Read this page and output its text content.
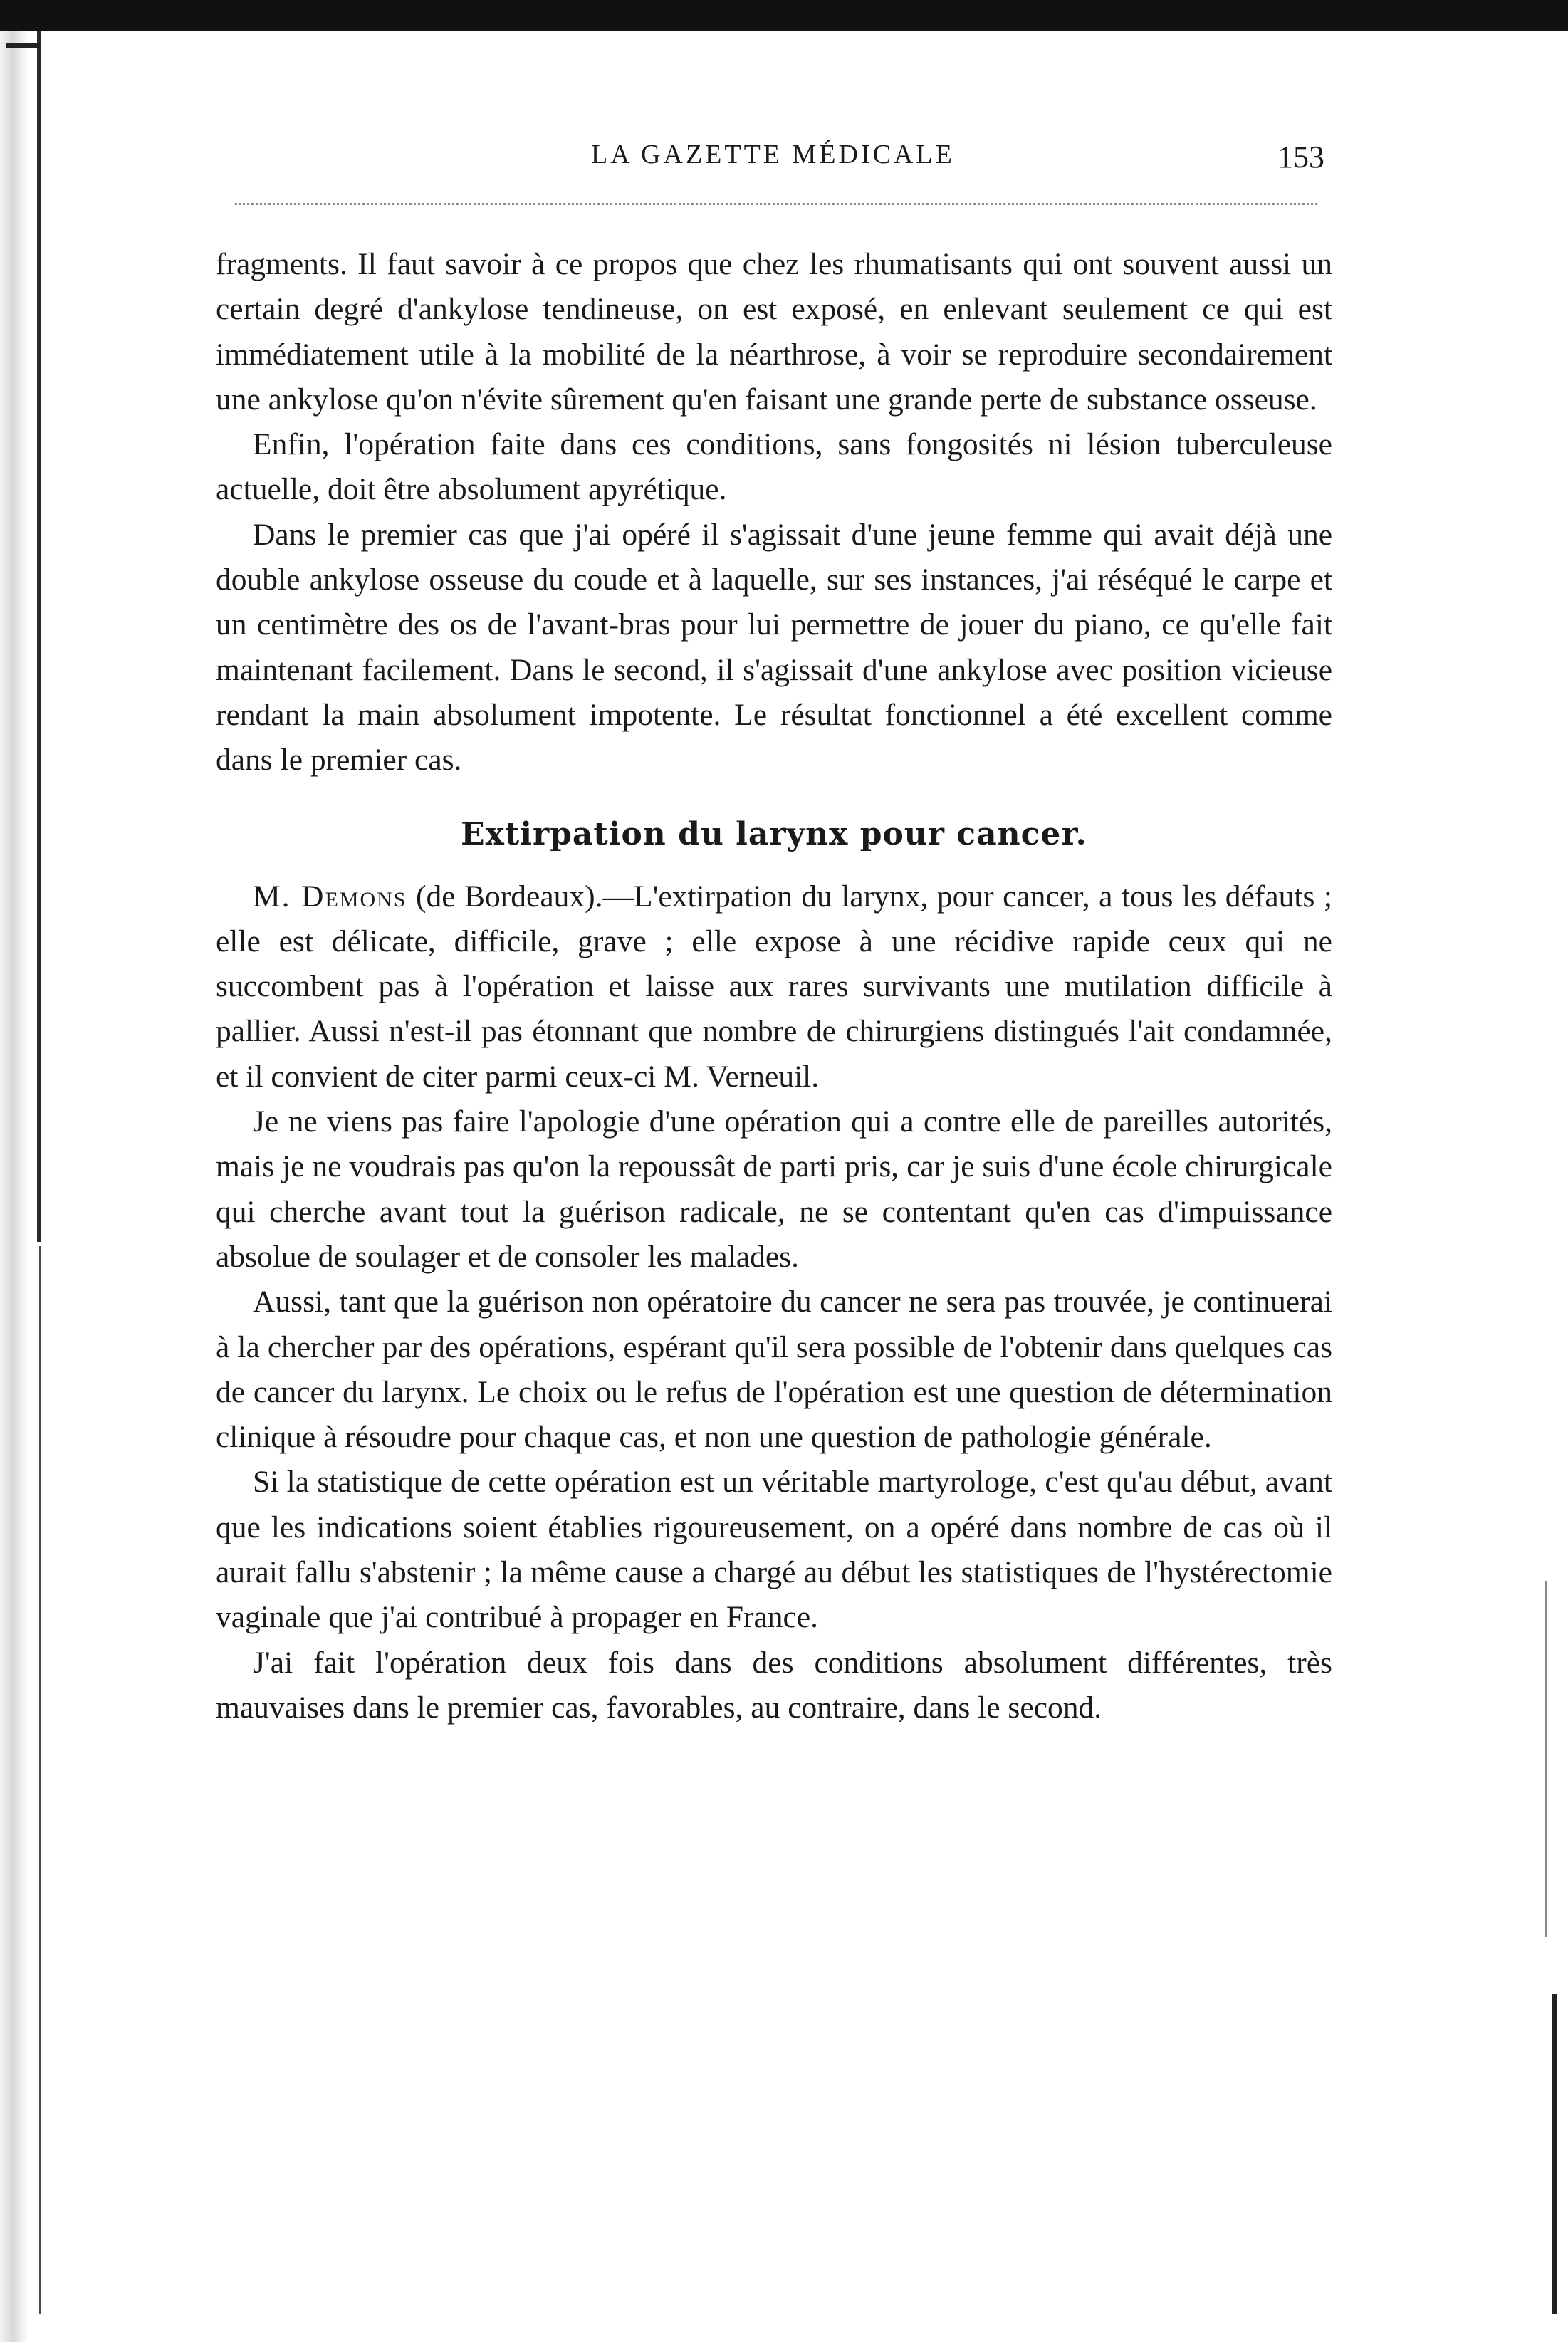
LA GAZETTE MÉDICALE	153

fragments. Il faut savoir à ce propos que chez les rhumatisants qui ont souvent aussi un certain degré d'ankylose tendineuse, on est exposé, en enlevant seulement ce qui est immédiatement utile à la mobilité de la néarthrose, à voir se reproduire secondairement une ankylose qu'on n'évite sûrement qu'en faisant une grande perte de substance osseuse.

Enfin, l'opération faite dans ces conditions, sans fongosités ni lésion tuberculeuse actuelle, doit être absolument apyrétique.

Dans le premier cas que j'ai opéré il s'agissait d'une jeune femme qui avait déjà une double ankylose osseuse du coude et à laquelle, sur ses instances, j'ai réséqué le carpe et un centimètre des os de l'avant-bras pour lui permettre de jouer du piano, ce qu'elle fait maintenant facilement. Dans le second, il s'agissait d'une ankylose avec position vicieuse rendant la main absolument impotente. Le résultat fonctionnel a été excellent comme dans le premier cas.

Extirpation du larynx pour cancer.

M. Demons (de Bordeaux).—L'extirpation du larynx, pour cancer, a tous les défauts ; elle est délicate, difficile, grave ; elle expose à une récidive rapide ceux qui ne succombent pas à l'opération et laisse aux rares survivants une mutilation difficile à pallier. Aussi n'est-il pas étonnant que nombre de chirurgiens distingués l'ait condamnée, et il convient de citer parmi ceux-ci M. Verneuil.

Je ne viens pas faire l'apologie d'une opération qui a contre elle de pareilles autorités, mais je ne voudrais pas qu'on la repoussât de parti pris, car je suis d'une école chirurgicale qui cherche avant tout la guérison radicale, ne se contentant qu'en cas d'impuissance absolue de soulager et de consoler les malades.

Aussi, tant que la guérison non opératoire du cancer ne sera pas trouvée, je continuerai à la chercher par des opérations, espérant qu'il sera possible de l'obtenir dans quelques cas de cancer du larynx. Le choix ou le refus de l'opération est une question de détermination clinique à résoudre pour chaque cas, et non une question de pathologie générale.

Si la statistique de cette opération est un véritable martyrologe, c'est qu'au début, avant que les indications soient établies rigoureusement, on a opéré dans nombre de cas où il aurait fallu s'abstenir ; la même cause a chargé au début les statistiques de l'hystérectomie vaginale que j'ai contribué à propager en France.

J'ai fait l'opération deux fois dans des conditions absolument différentes, très mauvaises dans le premier cas, favorables, au contraire, dans le second.
